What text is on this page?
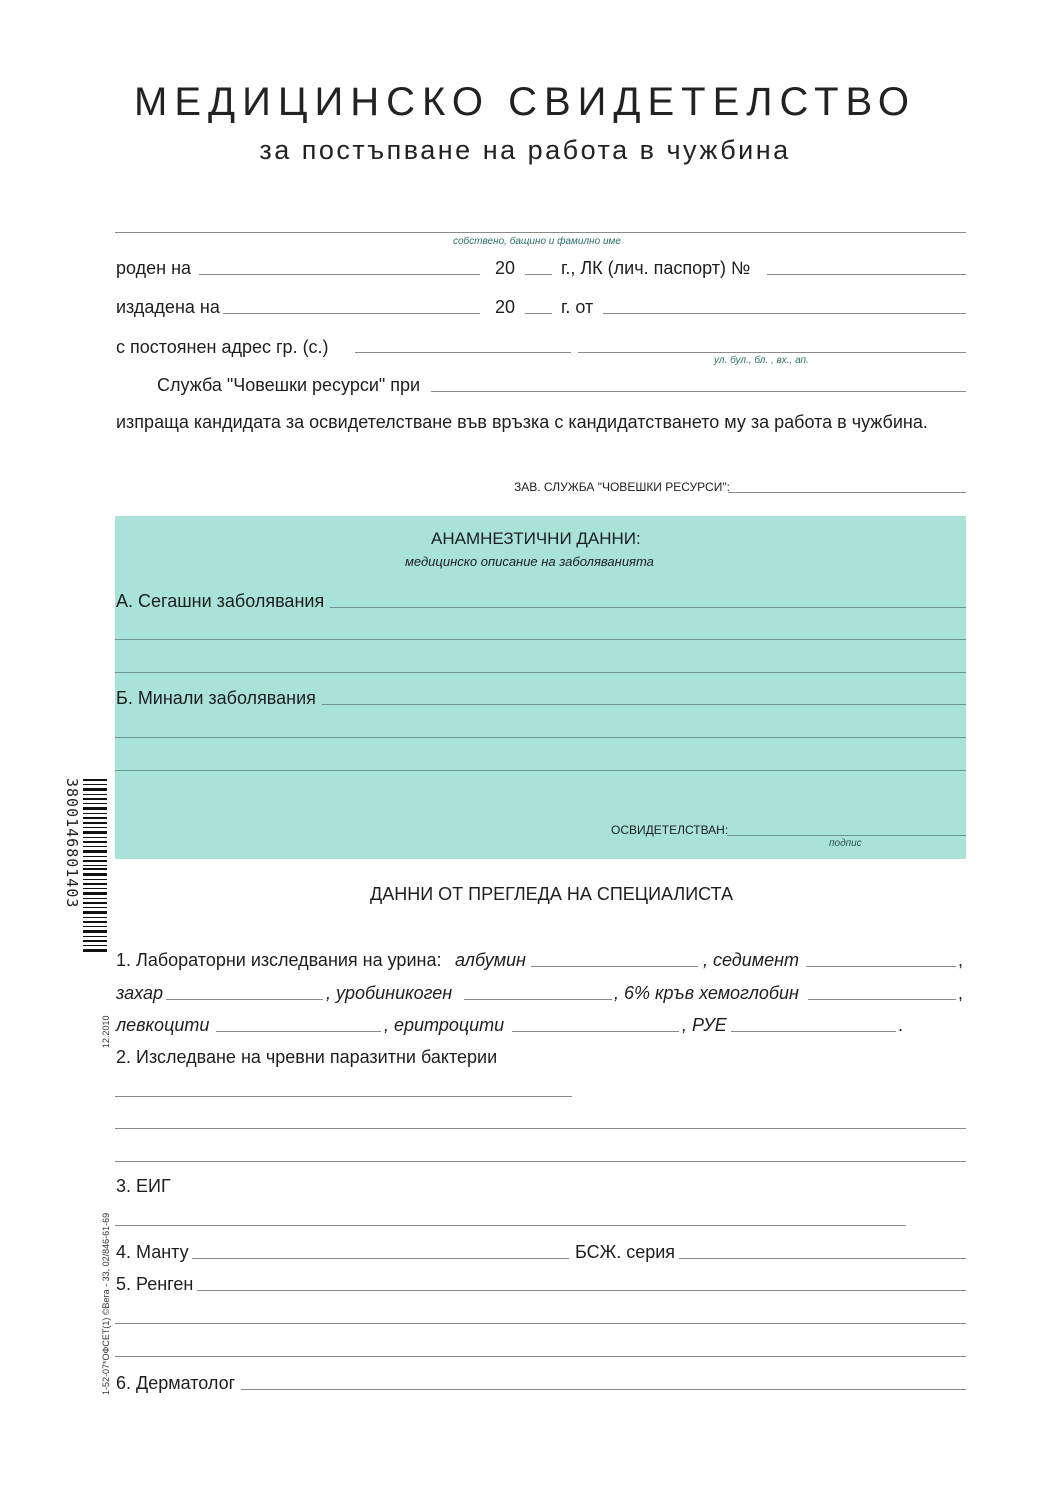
МЕДИЦИНСКО СВИДЕТЕЛСТВО
за постъпване на работа в чужбина
собствено, бащино и фамилно име
роден на	20	г., ЛК (лич. паспорт) №
издадена на	20	г. от
с постоянен адрес гр. (с.)
ул. бул., бл. , вх., ап.
Служба "Човешки ресурси" при
изпраща кандидата за освидетелстване във връзка с кандидатстването му за работа в чужбина.
ЗАВ. СЛУЖБА "ЧОВЕШКИ РЕСУРСИ":
АНАМНЕЗТИЧНИ ДАННИ:
медицинско описание на заболяванията
А. Сегашни заболявания
Б. Минали заболявания
ОСВИДЕТЕЛСТВАН:
подпис
ДАННИ ОТ ПРЕГЛЕДА НА СПЕЦИАЛИСТА
1. Лабораторни изследвания на урина: албумин	, седимент	,
захар	, уробиникоген	, 6% кръв хемоглобин	,
левкоцити	, еритроцити	, РУЕ	.
2. Изследване на чревни паразитни бактерии
3. ЕИГ
4. Манту	БСЖ. серия
5. Ренген
6. Дерматолог
3800146801403
12.2010
1-52-07*ОФСЕТ(1) ©Вега - 33, 02/846-61-69
